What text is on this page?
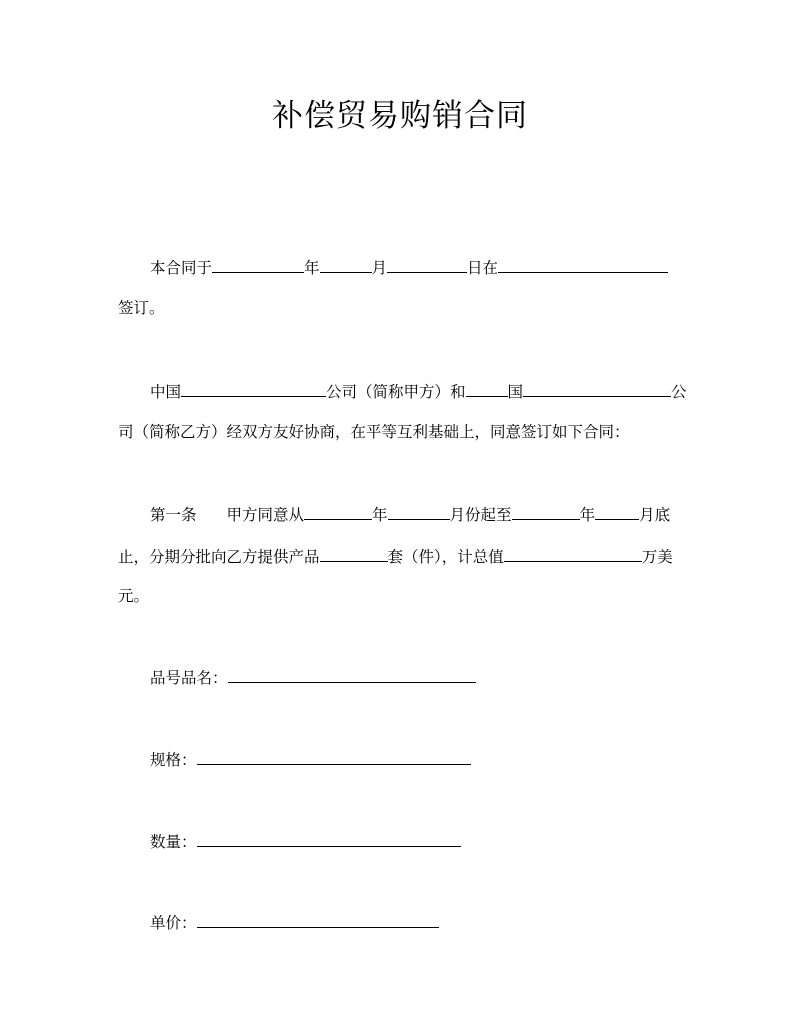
补偿贸易购销合同
本合同于	年	月	日在
签订。
中国	公司（简称甲方）和	国	公
司（简称乙方）经双方友好协商，在平等互利基础上，同意签订如下合同：
第一条 甲方同意从	年	月份起至	年	月底
止，分期分批向乙方提供产品	套（件），计总值	万美
元。
品号品名：
规格：
数量：
单价：
